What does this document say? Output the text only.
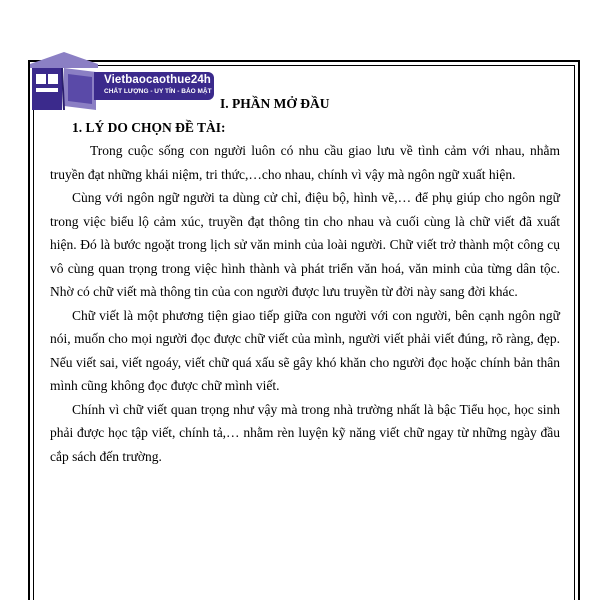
Vietbaocaothue24h
CHẤT LƯỢNG - UY TÍN - BẢO MẬT
I. PHẦN MỞ ĐẦU
1. LÝ DO CHỌN ĐỀ TÀI:

Trong cuộc sống con người luôn có nhu cầu giao lưu về tình cảm với nhau, nhằm truyền đạt những khái niệm, tri thức,…cho nhau, chính vì vậy mà ngôn ngữ xuất hiện.

Cùng với ngôn ngữ người ta dùng cử chỉ, điệu bộ, hình vẽ,… để phụ giúp cho ngôn ngữ trong việc biểu lộ cảm xúc, truyền đạt thông tin cho nhau và cuối cùng là chữ viết đã xuất hiện. Đó là bước ngoặt trong lịch sử văn minh của loài người. Chữ viết trở thành một công cụ vô cùng quan trọng trong việc hình thành và phát triển văn hoá, văn minh của từng dân tộc. Nhờ có chữ viết mà thông tin của con người được lưu truyền từ đời này sang đời khác.

Chữ viết là một phương tiện giao tiếp giữa con người với con người, bên cạnh ngôn ngữ nói, muốn cho mọi người đọc được chữ viết của mình, người viết phải viết đúng, rõ ràng, đẹp. Nếu viết sai, viết ngoáy, viết chữ quá xấu sẽ gây khó khăn cho người đọc hoặc chính bản thân mình cũng không đọc được chữ mình viết.

Chính vì chữ viết quan trọng như vậy mà trong nhà trường nhất là bậc Tiểu học, học sinh phải được học tập viết, chính tả,… nhằm rèn luyện kỹ năng viết chữ ngay từ những ngày đầu cắp sách đến trường.
